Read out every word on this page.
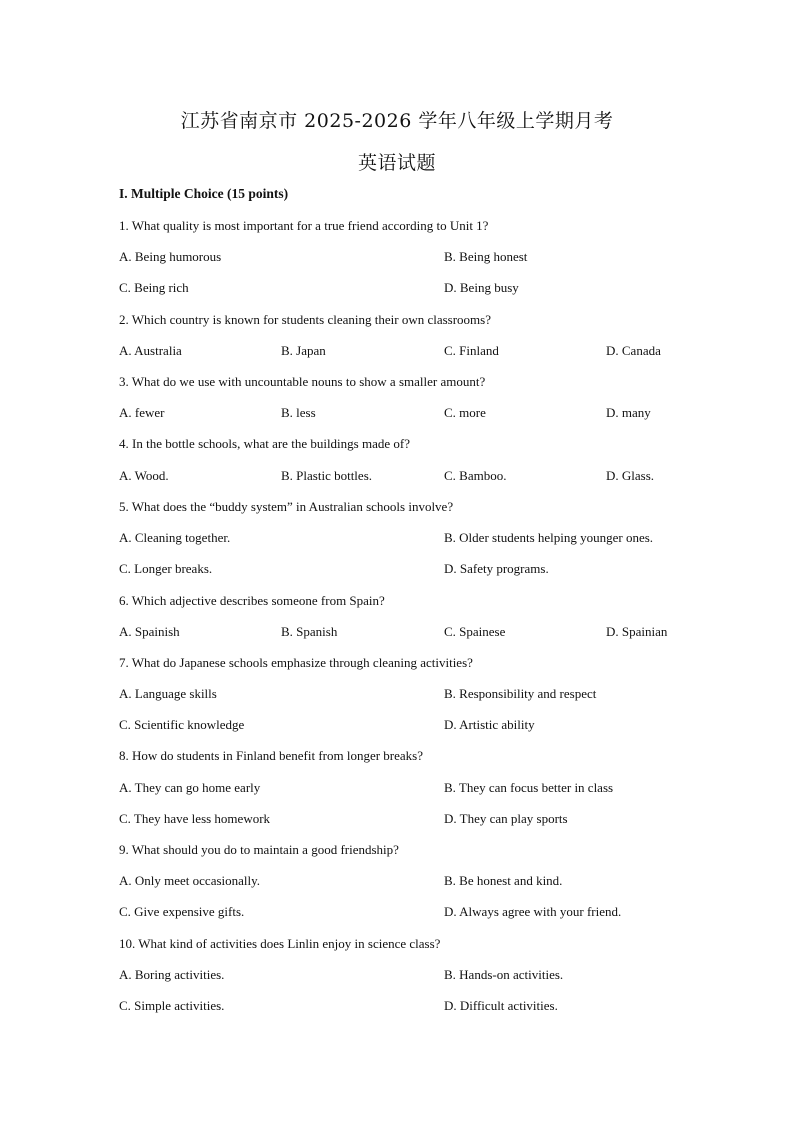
江苏省南京市 2025-2026 学年八年级上学期月考
英语试题
I. Multiple Choice (15 points)
1. What quality is most important for a true friend according to Unit 1?
A. Being humorous	B. Being honest
C. Being rich	D. Being busy
2. Which country is known for students cleaning their own classrooms?
A. Australia	B. Japan	C. Finland	D. Canada
3. What do we use with uncountable nouns to show a smaller amount?
A. fewer	B. less	C. more	D. many
4. In the bottle schools, what are the buildings made of?
A. Wood.	B. Plastic bottles.	C. Bamboo.	D. Glass.
5. What does the “buddy system” in Australian schools involve?
A. Cleaning together.	B. Older students helping younger ones.
C. Longer breaks.	D. Safety programs.
6. Which adjective describes someone from Spain?
A. Spainish	B. Spanish	C. Spainese	D. Spainian
7. What do Japanese schools emphasize through cleaning activities?
A. Language skills	B. Responsibility and respect
C. Scientific knowledge	D. Artistic ability
8. How do students in Finland benefit from longer breaks?
A. They can go home early	B. They can focus better in class
C. They have less homework	D. They can play sports
9. What should you do to maintain a good friendship?
A. Only meet occasionally.	B. Be honest and kind.
C. Give expensive gifts.	D. Always agree with your friend.
10. What kind of activities does Linlin enjoy in science class?
A. Boring activities.	B. Hands-on activities.
C. Simple activities.	D. Difficult activities.
